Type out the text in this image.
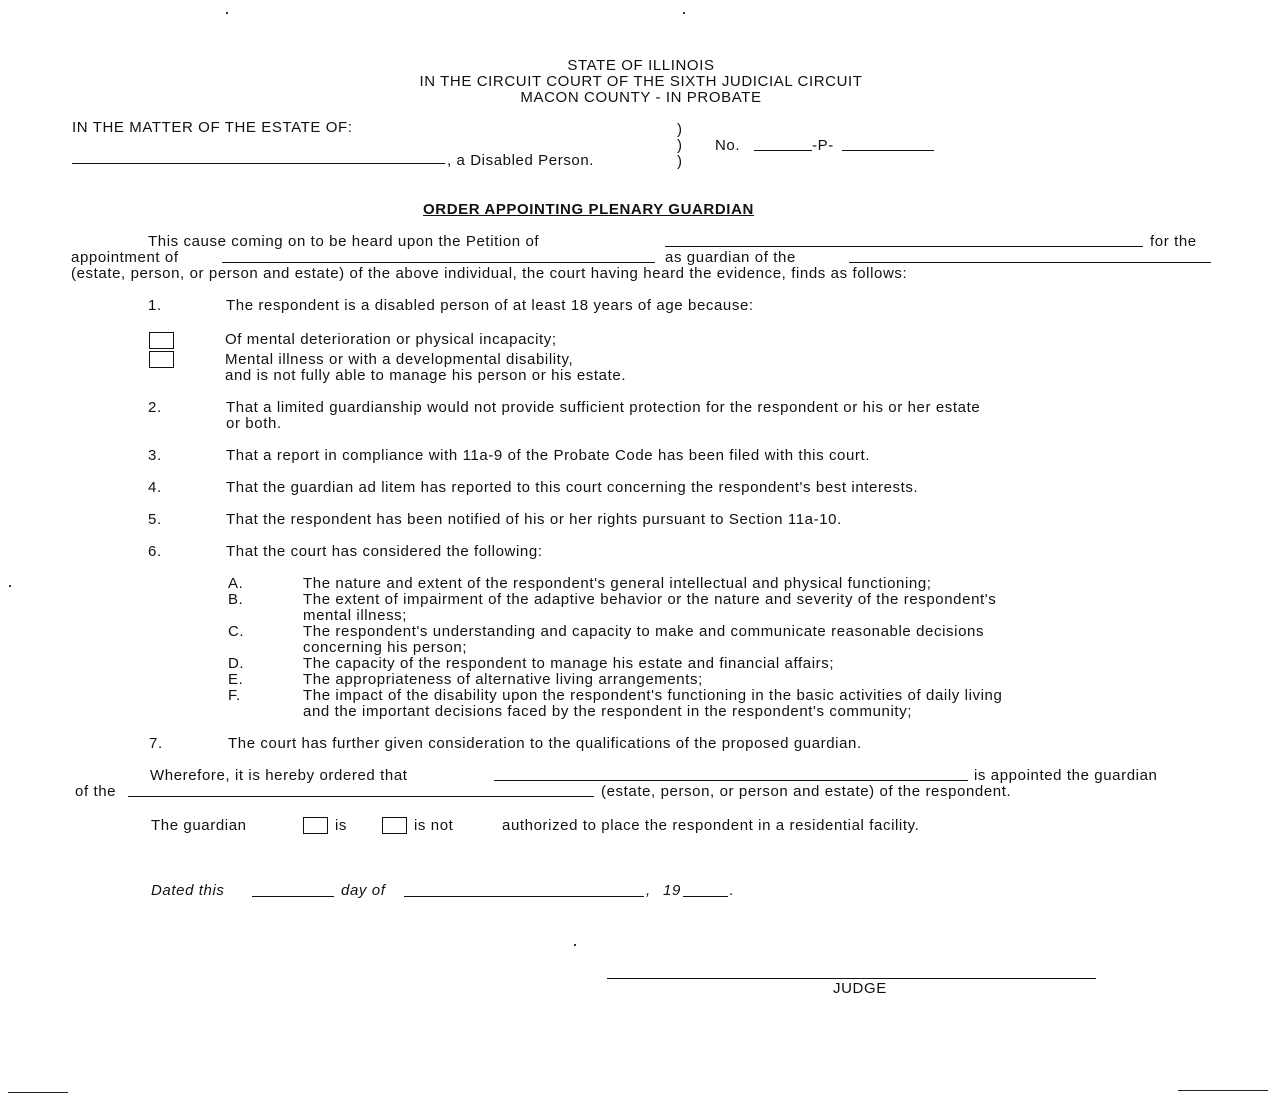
STATE OF ILLINOIS
IN THE CIRCUIT COURT OF THE SIXTH JUDICIAL CIRCUIT
MACON COUNTY - IN PROBATE
IN THE MATTER OF THE ESTATE OF:
, a Disabled Person.
)
)
)
No.	-P-
ORDER APPOINTING PLENARY GUARDIAN
This cause coming on to be heard upon the Petition of	for the
appointment of	as guardian of the
(estate, person, or person and estate) of the above individual, the court having heard the evidence, finds as follows:
1.	The respondent is a disabled person of at least 18 years of age because:
Of mental deterioration or physical incapacity;
Mental illness or with a developmental disability,
and is not fully able to manage his person or his estate.
2.	That a limited guardianship would not provide sufficient protection for the respondent or his or her estate
or both.
3.	That a report in compliance with 11a-9 of the Probate Code has been filed with this court.
4.	That the guardian ad litem has reported to this court concerning the respondent's best interests.
5.	That the respondent has been notified of his or her rights pursuant to Section 11a-10.
6.	That the court has considered the following:
A.	The nature and extent of the respondent's general intellectual and physical functioning;
B.	The extent of impairment of the adaptive behavior or the nature and severity of the respondent's
mental illness;
C.	The respondent's understanding and capacity to make and communicate reasonable decisions
concerning his person;
D.	The capacity of the respondent to manage his estate and financial affairs;
E.	The appropriateness of alternative living arrangements;
F.	The impact of the disability upon the respondent's functioning in the basic activities of daily living
and the important decisions faced by the respondent in the respondent's community;
7.	The court has further given consideration to the qualifications of the proposed guardian.
Wherefore, it is hereby ordered that	is appointed the guardian
of the	(estate, person, or person and estate) of the respondent.
The guardian	is	is not	authorized to place the respondent in a residential facility.
Dated this	day of	, 19	.
JUDGE
